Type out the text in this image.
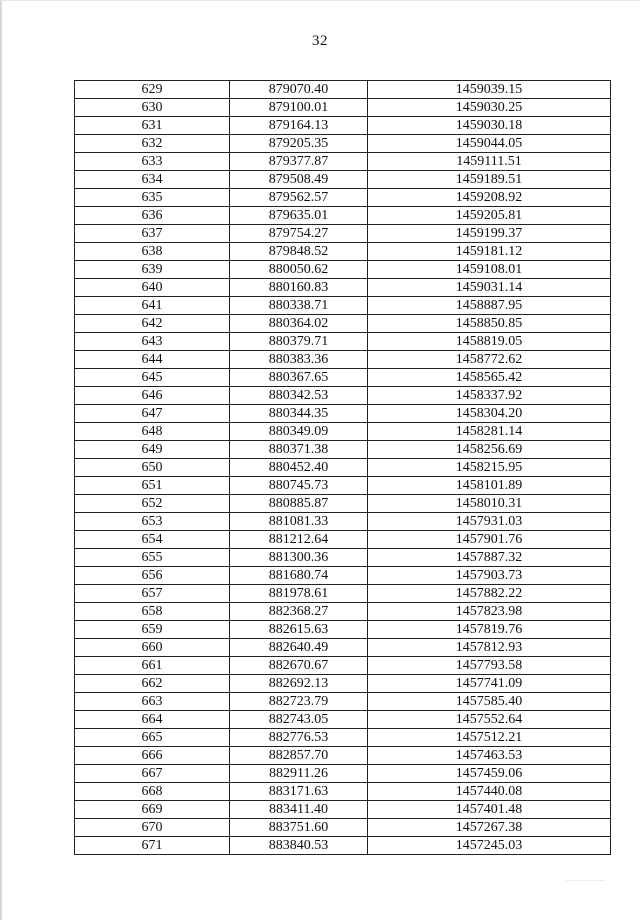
32
629	879070.40	1459039.15
630	879100.01	1459030.25
631	879164.13	1459030.18
632	879205.35	1459044.05
633	879377.87	1459111.51
634	879508.49	1459189.51
635	879562.57	1459208.92
636	879635.01	1459205.81
637	879754.27	1459199.37
638	879848.52	1459181.12
639	880050.62	1459108.01
640	880160.83	1459031.14
641	880338.71	1458887.95
642	880364.02	1458850.85
643	880379.71	1458819.05
644	880383.36	1458772.62
645	880367.65	1458565.42
646	880342.53	1458337.92
647	880344.35	1458304.20
648	880349.09	1458281.14
649	880371.38	1458256.69
650	880452.40	1458215.95
651	880745.73	1458101.89
652	880885.87	1458010.31
653	881081.33	1457931.03
654	881212.64	1457901.76
655	881300.36	1457887.32
656	881680.74	1457903.73
657	881978.61	1457882.22
658	882368.27	1457823.98
659	882615.63	1457819.76
660	882640.49	1457812.93
661	882670.67	1457793.58
662	882692.13	1457741.09
663	882723.79	1457585.40
664	882743.05	1457552.64
665	882776.53	1457512.21
666	882857.70	1457463.53
667	882911.26	1457459.06
668	883171.63	1457440.08
669	883411.40	1457401.48
670	883751.60	1457267.38
671	883840.53	1457245.03
